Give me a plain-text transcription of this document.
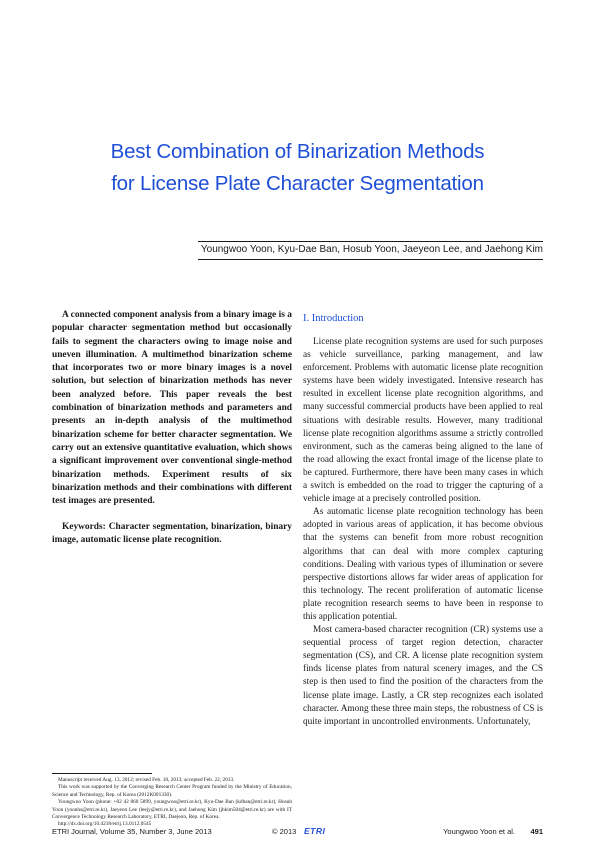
Best Combination of Binarization Methods
for License Plate Character Segmentation
Youngwoo Yoon, Kyu-Dae Ban, Hosub Yoon, Jaeyeon Lee, and Jaehong Kim
A connected component analysis from a binary image is a popular character segmentation method but occasionally fails to segment the characters owing to image noise and uneven illumination. A multimethod binarization scheme that incorporates two or more binary images is a novel solution, but selection of binarization methods has never been analyzed before. This paper reveals the best combination of binarization methods and parameters and presents an in-depth analysis of the multimethod binarization scheme for better character segmentation. We carry out an extensive quantitative evaluation, which shows a significant improvement over conventional single-method binarization methods. Experiment results of six binarization methods and their combinations with different test images are presented.
Keywords: Character segmentation, binarization, binary image, automatic license plate recognition.

Manuscript received Aug. 13, 2012; revised Feb. 18, 2013; accepted Feb. 22, 2013.

This work was supported by the Converging Research Center Program funded by the Ministry of Education, Science and Technology, Rep. of Korea (2012K001330).

Youngwoo Yoon (phone: +82 42 860 5899, youngwoo@etri.re.kr), Kyu-Dae Ban (kdban@etri.re.kr), Hosub Yoon (yoonhs@etri.re.kr), Jaeyeon Lee (leejy@etri.re.kr), and Jaehong Kim (jhkim504@etri.re.kr) are with IT Convergence Technology Research Laboratory, ETRI, Daejeon, Rep. of Korea.

http://dx.doi.org/10.4218/etrij.13.0112.0545

I. Introduction

License plate recognition systems are used for such purposes as vehicle surveillance, parking management, and law enforcement. Problems with automatic license plate recognition systems have been widely investigated. Intensive research has resulted in excellent license plate recognition algorithms, and many successful commercial products have been applied to real situations with desirable results. However, many traditional license plate recognition algorithms assume a strictly controlled environment, such as the cameras being aligned to the lane of the road allowing the exact frontal image of the license plate to be captured. Furthermore, there have been many cases in which a switch is embedded on the road to trigger the capturing of a vehicle image at a precisely controlled position.

As automatic license plate recognition technology has been adopted in various areas of application, it has become obvious that the systems can benefit from more robust recognition algorithms that can deal with more complex capturing conditions. Dealing with various types of illumination or severe perspective distortions allows far wider areas of application for this technology. The recent proliferation of automatic license plate recognition research seems to have been in response to this application potential.

Most camera-based character recognition (CR) systems use a sequential process of target region detection, character segmentation (CS), and CR. A license plate recognition system finds license plates from natural scenery images, and the CS step is then used to find the position of the characters from the license plate image. Lastly, a CR step recognizes each isolated character. Among these three main steps, the robustness of CS is quite important in uncontrolled environments. Unfortunately,

ETRI Journal, Volume 35, Number 3, June 2013	© 2013 ETRI	Youngwoo Yoon et al. 491
